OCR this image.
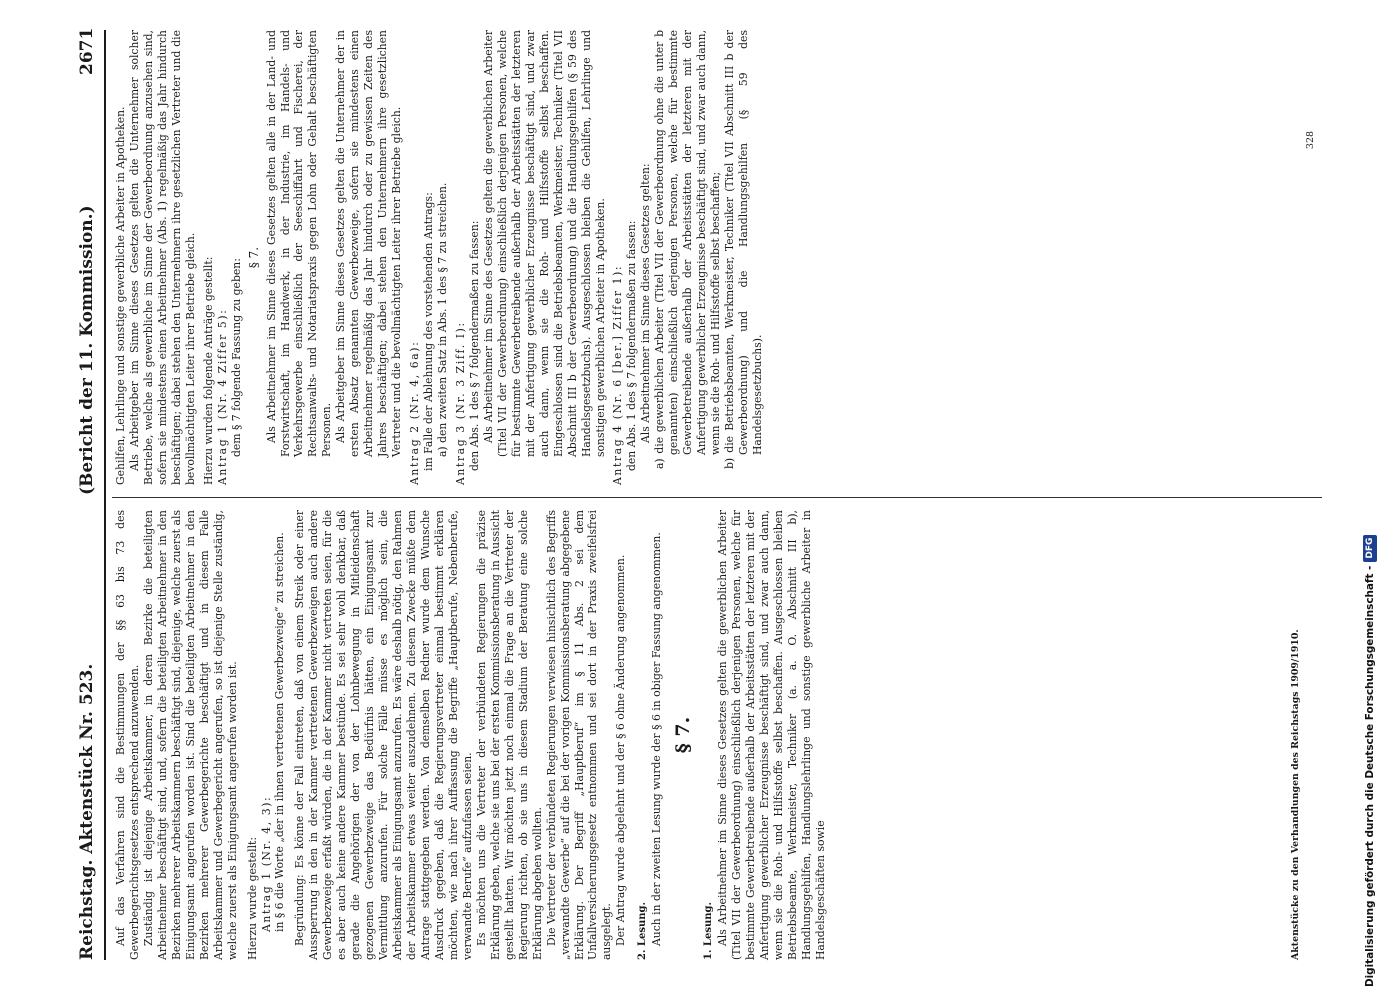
Reichstag. Aktenstück Nr. 523.
(Bericht der 11. Kommission.)
2671

Auf das Verfahren sind die Bestimmungen der §§ 63 bis 73 des Gewerbegerichtsgesetzes entsprechend anzuwenden. Zuständig ist diejenige Arbeitskammer, in deren Bezirke die beteiligten Arbeitnehmer beschäftigt sind, und, sofern die beteiligten Arbeitnehmer in den Bezirken mehrerer Arbeitskammern beschäftigt sind, diejenige, welche zuerst als Einigungsamt angerufen worden ist. Sind die beteiligten Arbeitnehmer in den Bezirken mehrerer Gewerbegerichte beschäftigt und in diesem Falle Arbeitskammer und Gewerbegericht angerufen, so ist diejenige Stelle zuständig, welche zuerst als Einigungsamt angerufen worden ist. Hierzu wurde gestellt: Antrag 1 (Nr. 4, 3): in § 6 die Worte „der in ihnen vertretenen Gewerbezweige“ zu streichen. Begründung: Es könne der Fall eintreten, daß von einem Streik oder einer Aussperrung in den in der Kammer vertretenen Gewerbezweigen auch andere Gewerbezweige erfaßt würden, die in der Kammer nicht vertreten seien, für die es aber auch keine andere Kammer bestünde. Es sei sehr wohl denkbar, daß gerade die Angehörigen der von der Lohnbewegung in Mitleidenschaft gezogenen Gewerbezweige das Bedürfnis hätten, ein Einigungsamt zur Vermittlung anzurufen. Für solche Fälle müsse es möglich sein, die Arbeitskammer als Einigungsamt anzurufen. Es wäre deshalb nötig, den Rahmen der Arbeitskammer etwas weiter auszudehnen. Zu diesem Zwecke müßte dem Antrage stattgegeben werden. Von demselben Redner wurde dem Wunsche Ausdruck gegeben, daß die Regierungsvertreter einmal bestimmt erklären möchten, wie nach ihrer Auffassung die Begriffe „Hauptberufe, Nebenberufe, verwandte Berufe“ aufzufassen seien. Es möchten uns die Vertreter der verbündeten Regierungen die präzise Erklärung geben, welche sie uns bei der ersten Kommissionsberatung in Aussicht gestellt hatten. Wir möchten jetzt noch einmal die Frage an die Vertreter der Regierung richten, ob sie uns in diesem Stadium der Beratung eine solche Erklärung abgeben wollten. Die Vertreter der verbündeten Regierungen verwiesen hinsichtlich des Begriffs „verwandte Gewerbe“ auf die bei der vorigen Kommissionsberatung abgegebene Erklärung. Der Begriff „Hauptberuf“ im § 11 Abs. 2 sei dem Unfallversicherungsgesetz entnommen und sei dort in der Praxis zweifelsfrei ausgelegt. Der Antrag wurde abgelehnt und der § 6 ohne Änderung angenommen. 2. Lesung. Auch in der zweiten Lesung wurde der § 6 in obiger Fassung angenommen. § 7.

1. Lesung. Als Arbeitnehmer im Sinne dieses Gesetzes gelten die gewerblichen Arbeiter (Titel VII der Gewerbeordnung) einschließlich derjenigen Personen, welche für bestimmte Gewerbetreibende außerhalb der Arbeitsstätten der letzteren mit der Anfertigung gewerblicher Erzeugnisse beschäftigt sind, und zwar auch dann, wenn sie die Roh- und Hilfsstoffe selbst beschaffen. Ausgeschlossen bleiben Betriebsbeamte, Werkmeister, Techniker (a. a. O. Abschnitt III b), Handlungsgehilfen, Handlungslehrlinge und sonstige gewerbliche Arbeiter in Handelsgeschäften sowie

Gehilfen, Lehrlinge und sonstige gewerbliche Arbeiter in Apotheken. Als Arbeitgeber im Sinne dieses Gesetzes gelten die Unternehmer solcher Betriebe, welche als gewerbliche im Sinne der Gewerbeordnung anzusehen sind, sofern sie mindestens einen Arbeitnehmer (Abs. 1) regelmäßig das Jahr hindurch beschäftigen; dabei stehen den Unternehmern ihre gesetzlichen Vertreter und die bevollmächtigten Leiter ihrer Betriebe gleich. Hierzu wurden folgende Anträge gestellt: Antrag 1 (Nr. 4 Ziffer 5): dem § 7 folgende Fassung zu geben:

§ 7. Als Arbeitnehmer im Sinne dieses Gesetzes gelten alle in der Land- und Forstwirtschaft, im Handwerk, in der Industrie, im Handels- und Verkehrsgewerbe einschließlich der Seeschiffahrt und Fischerei, der Rechtsanwalts- und Notariatspraxis gegen Lohn oder Gehalt beschäftigten Personen. Als Arbeitgeber im Sinne dieses Gesetzes gelten die Unternehmer der in ersten Absatz genannten Gewerbezweige, sofern sie mindestens einen Arbeitnehmer regelmäßig das Jahr hindurch oder zu gewissen Zeiten des Jahres beschäftigen; dabei stehen den Unternehmern ihre gesetzlichen Vertreter und die bevollmächtigten Leiter ihrer Betriebe gleich. Antrag 2 (Nr. 4, 6a): im Falle der Ablehnung des vorstehenden Antrags: a) den zweiten Satz in Abs. 1 des § 7 zu streichen. Antrag 3 (Nr. 3 Ziff. I): den Abs. 1 des § 7 folgendermaßen zu fassen: Als Arbeitnehmer im Sinne des Gesetzes gelten die gewerblichen Arbeiter (Titel VII der Gewerbeordnung) einschließlich derjenigen Personen, welche für bestimmte Gewerbetreibende außerhalb der Arbeitsstätten der letzteren mit der Anfertigung gewerblicher Erzeugnisse beschäftigt sind, und zwar auch dann, wenn sie die Roh- und Hilfsstoffe selbst beschaffen. Eingeschlossen sind die Betriebsbeamten, Werkmeister, Techniker (Titel VII Abschnitt III b der Gewerbeordnung) und die Handlungsgehilfen (§ 59 des Handelsgesetzbuchs). Ausgeschlossen bleiben die Gehilfen, Lehrlinge und sonstigen gewerblichen Arbeiter in Apotheken. Antrag 4 (Nr. 6 [ber.] Ziffer 1): den Abs. 1 des § 7 folgendermaßen zu fassen: Als Arbeitnehmer im Sinne dieses Gesetzes gelten: a) die gewerblichen Arbeiter (Titel VII der Gewerbeordnung ohne die unter b genannten) einschließlich derjenigen Personen, welche für bestimmte Gewerbetreibende außerhalb der Arbeitsstätten der letzteren mit der Anfertigung gewerblicher Erzeugnisse beschäftigt sind, und zwar auch dann, wenn sie die Roh- und Hilfsstoffe selbst beschaffen; b) die Betriebsbeamten, Werkmeister, Techniker (Titel VII Abschnitt III b der Gewerbeordnung) und die Handlungsgehilfen (§ 59 des Handelsgesetzbuchs).

Aktenstücke zu den Verhandlungen des Reichstags 1909/1910.
328
Digitalisierung gefördert durch die Deutsche Forschungsgemeinschaft -
DFG
